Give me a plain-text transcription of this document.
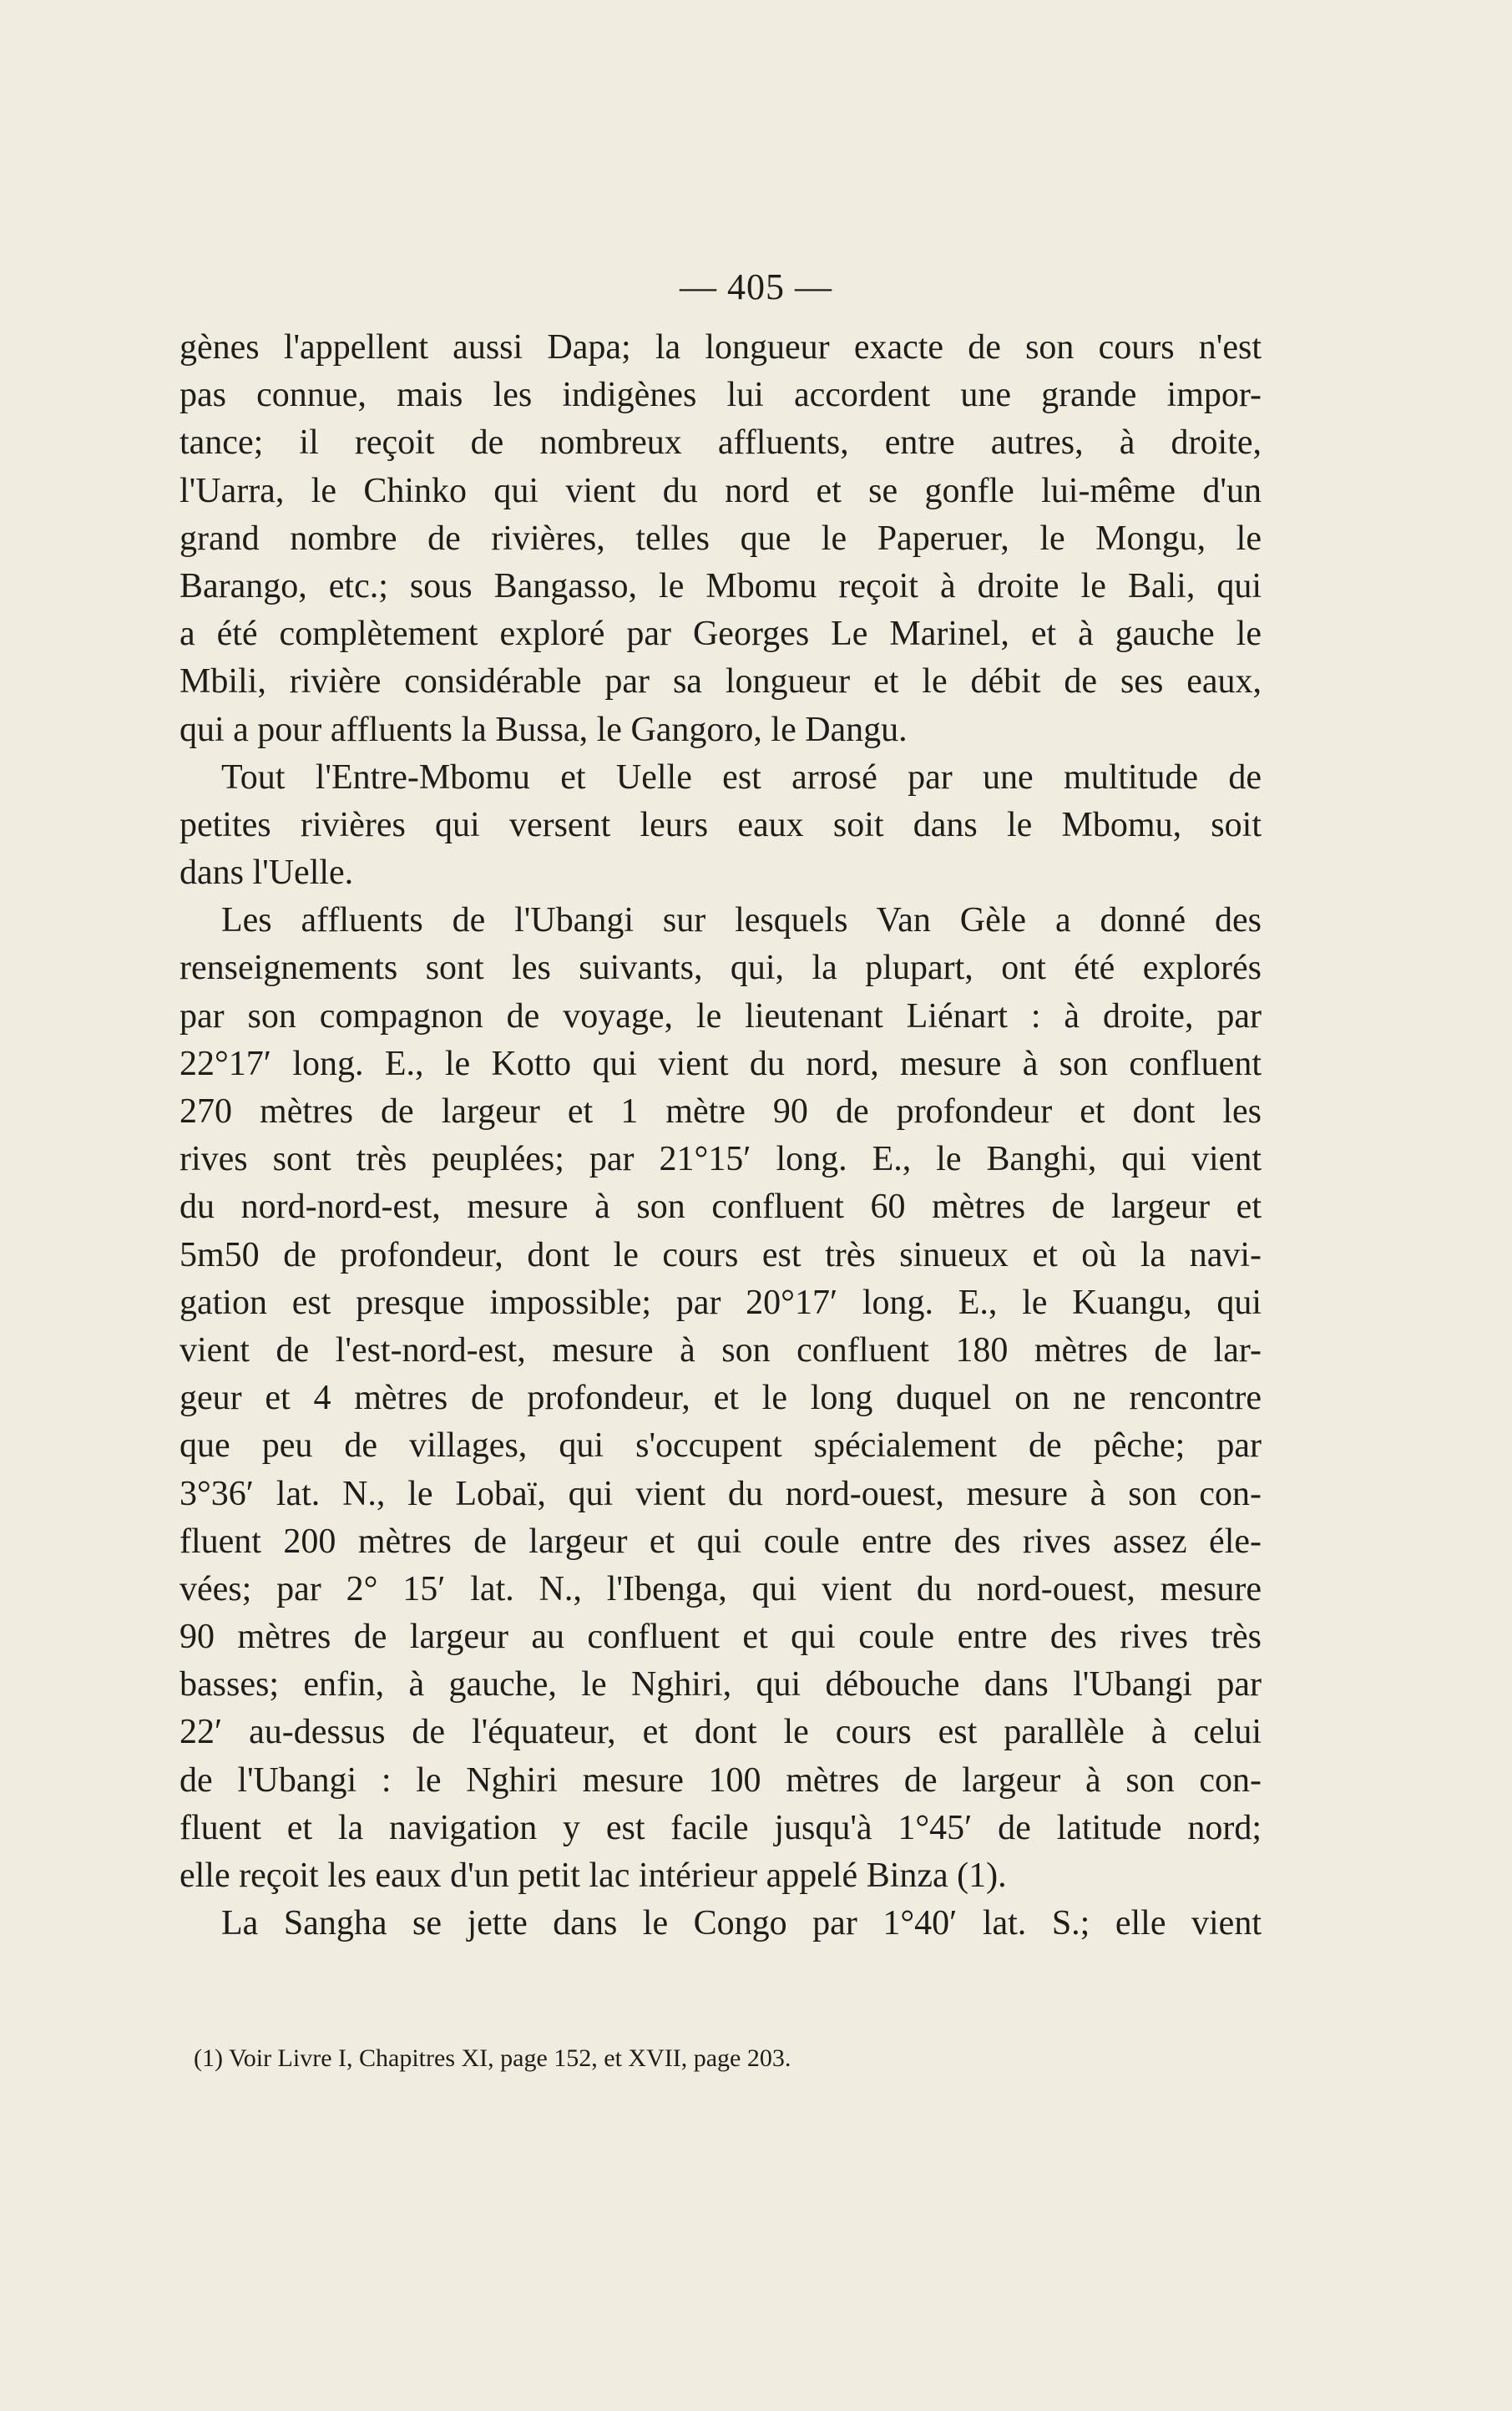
— 405 —
gènes l'appellent aussi Dapa; la longueur exacte de son cours n'est
pas connue, mais les indigènes lui accordent une grande impor-
tance; il reçoit de nombreux affluents, entre autres, à droite,
l'Uarra, le Chinko qui vient du nord et se gonfle lui-même d'un
grand nombre de rivières, telles que le Paperuer, le Mongu, le
Barango, etc.; sous Bangasso, le Mbomu reçoit à droite le Bali, qui
a été complètement exploré par Georges Le Marinel, et à gauche le
Mbili, rivière considérable par sa longueur et le débit de ses eaux,
qui a pour affluents la Bussa, le Gangoro, le Dangu.
Tout l'Entre-Mbomu et Uelle est arrosé par une multitude de
petites rivières qui versent leurs eaux soit dans le Mbomu, soit
dans l'Uelle.
Les affluents de l'Ubangi sur lesquels Van Gèle a donné des
renseignements sont les suivants, qui, la plupart, ont été explorés
par son compagnon de voyage, le lieutenant Liénart : à droite, par
22°17′ long. E., le Kotto qui vient du nord, mesure à son confluent
270 mètres de largeur et 1 mètre 90 de profondeur et dont les
rives sont très peuplées; par 21°15′ long. E., le Banghi, qui vient
du nord-nord-est, mesure à son confluent 60 mètres de largeur et
5m50 de profondeur, dont le cours est très sinueux et où la navi-
gation est presque impossible; par 20°17′ long. E., le Kuangu, qui
vient de l'est-nord-est, mesure à son confluent 180 mètres de lar-
geur et 4 mètres de profondeur, et le long duquel on ne rencontre
que peu de villages, qui s'occupent spécialement de pêche; par
3°36′ lat. N., le Lobaï, qui vient du nord-ouest, mesure à son con-
fluent 200 mètres de largeur et qui coule entre des rives assez éle-
vées; par 2° 15′ lat. N., l'Ibenga, qui vient du nord-ouest, mesure
90 mètres de largeur au confluent et qui coule entre des rives très
basses; enfin, à gauche, le Nghiri, qui débouche dans l'Ubangi par
22′ au-dessus de l'équateur, et dont le cours est parallèle à celui
de l'Ubangi : le Nghiri mesure 100 mètres de largeur à son con-
fluent et la navigation y est facile jusqu'à 1°45′ de latitude nord;
elle reçoit les eaux d'un petit lac intérieur appelé Binza (1).
La Sangha se jette dans le Congo par 1°40′ lat. S.; elle vient
(1) Voir Livre I, Chapitres XI, page 152, et XVII, page 203.
